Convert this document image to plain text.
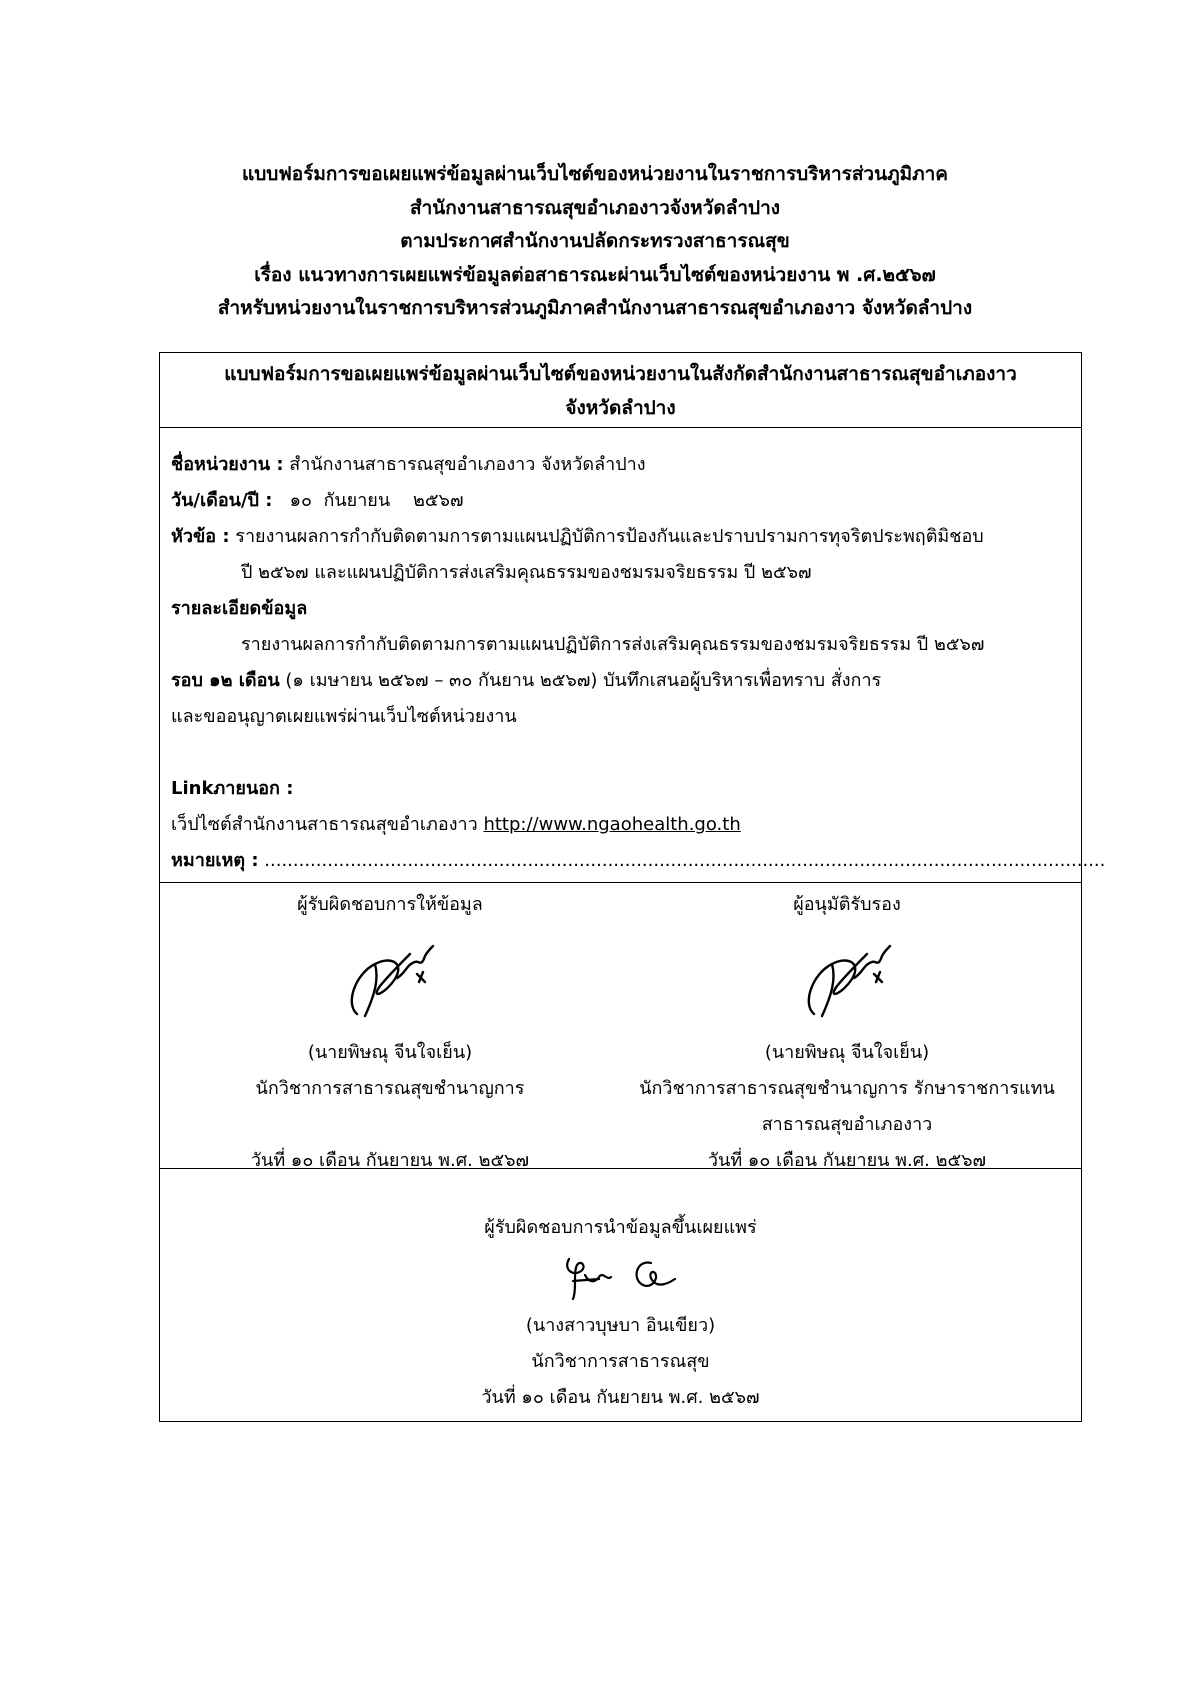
แบบฟอร์มการขอเผยแพร่ข้อมูลผ่านเว็บไซต์ของหน่วยงานในราชการบริหารส่วนภูมิภาค
สำนักงานสาธารณสุขอำเภองาวจังหวัดลำปาง
ตามประกาศสำนักงานปลัดกระทรวงสาธารณสุข
เรื่อง แนวทางการเผยแพร่ข้อมูลต่อสาธารณะผ่านเว็บไซต์ของหน่วยงาน พ .ศ.๒๕๖๗
สำหรับหน่วยงานในราชการบริหารส่วนภูมิภาคสำนักงานสาธารณสุขอำเภองาว จังหวัดลำปาง
แบบฟอร์มการขอเผยแพร่ข้อมูลผ่านเว็บไซต์ของหน่วยงานในสังกัดสำนักงานสาธารณสุขอำเภองาว
จังหวัดลำปาง
ชื่อหน่วยงาน : สำนักงานสาธารณสุขอำเภองาว จังหวัดลำปาง
วัน/เดือน/ปี :   ๑๐  กันยายน    ๒๕๖๗
หัวข้อ : รายงานผลการกำกับติดตามการตามแผนปฏิบัติการป้องกันและปราบปรามการทุจริตประพฤติมิชอบ
ปี ๒๕๖๗ และแผนปฏิบัติการส่งเสริมคุณธรรมของชมรมจริยธรรม ปี ๒๕๖๗
รายละเอียดข้อมูล
รายงานผลการกำกับติดตามการตามแผนปฏิบัติการส่งเสริมคุณธรรมของชมรมจริยธรรม ปี ๒๕๖๗
รอบ ๑๒ เดือน (๑ เมษายน ๒๕๖๗ – ๓๐ กันยาน ๒๕๖๗) บันทึกเสนอผู้บริหารเพื่อทราบ สั่งการ
และขออนุญาตเผยแพร่ผ่านเว็บไซต์หน่วยงาน
Linkภายนอก :
เว็ปไซต์สำนักงานสาธารณสุขอำเภองาว http://www.ngaohealth.go.th
หมายเหตุ : ...................................................................................................................................................
ผู้รับผิดชอบการให้ข้อมูล
(นายพิษณุ จีนใจเย็น)
นักวิชาการสาธารณสุขชำนาญการ
วันที่ ๑๐ เดือน กันยายน พ.ศ. ๒๕๖๗
ผู้อนุมัติรับรอง
(นายพิษณุ จีนใจเย็น)
นักวิชาการสาธารณสุขชำนาญการ รักษาราชการแทน
สาธารณสุขอำเภองาว
วันที่ ๑๐ เดือน กันยายน พ.ศ. ๒๕๖๗
ผู้รับผิดชอบการนำข้อมูลขึ้นเผยแพร่
(นางสาวบุษบา อินเขียว)
นักวิชาการสาธารณสุข
วันที่ ๑๐ เดือน กันยายน พ.ศ. ๒๕๖๗
